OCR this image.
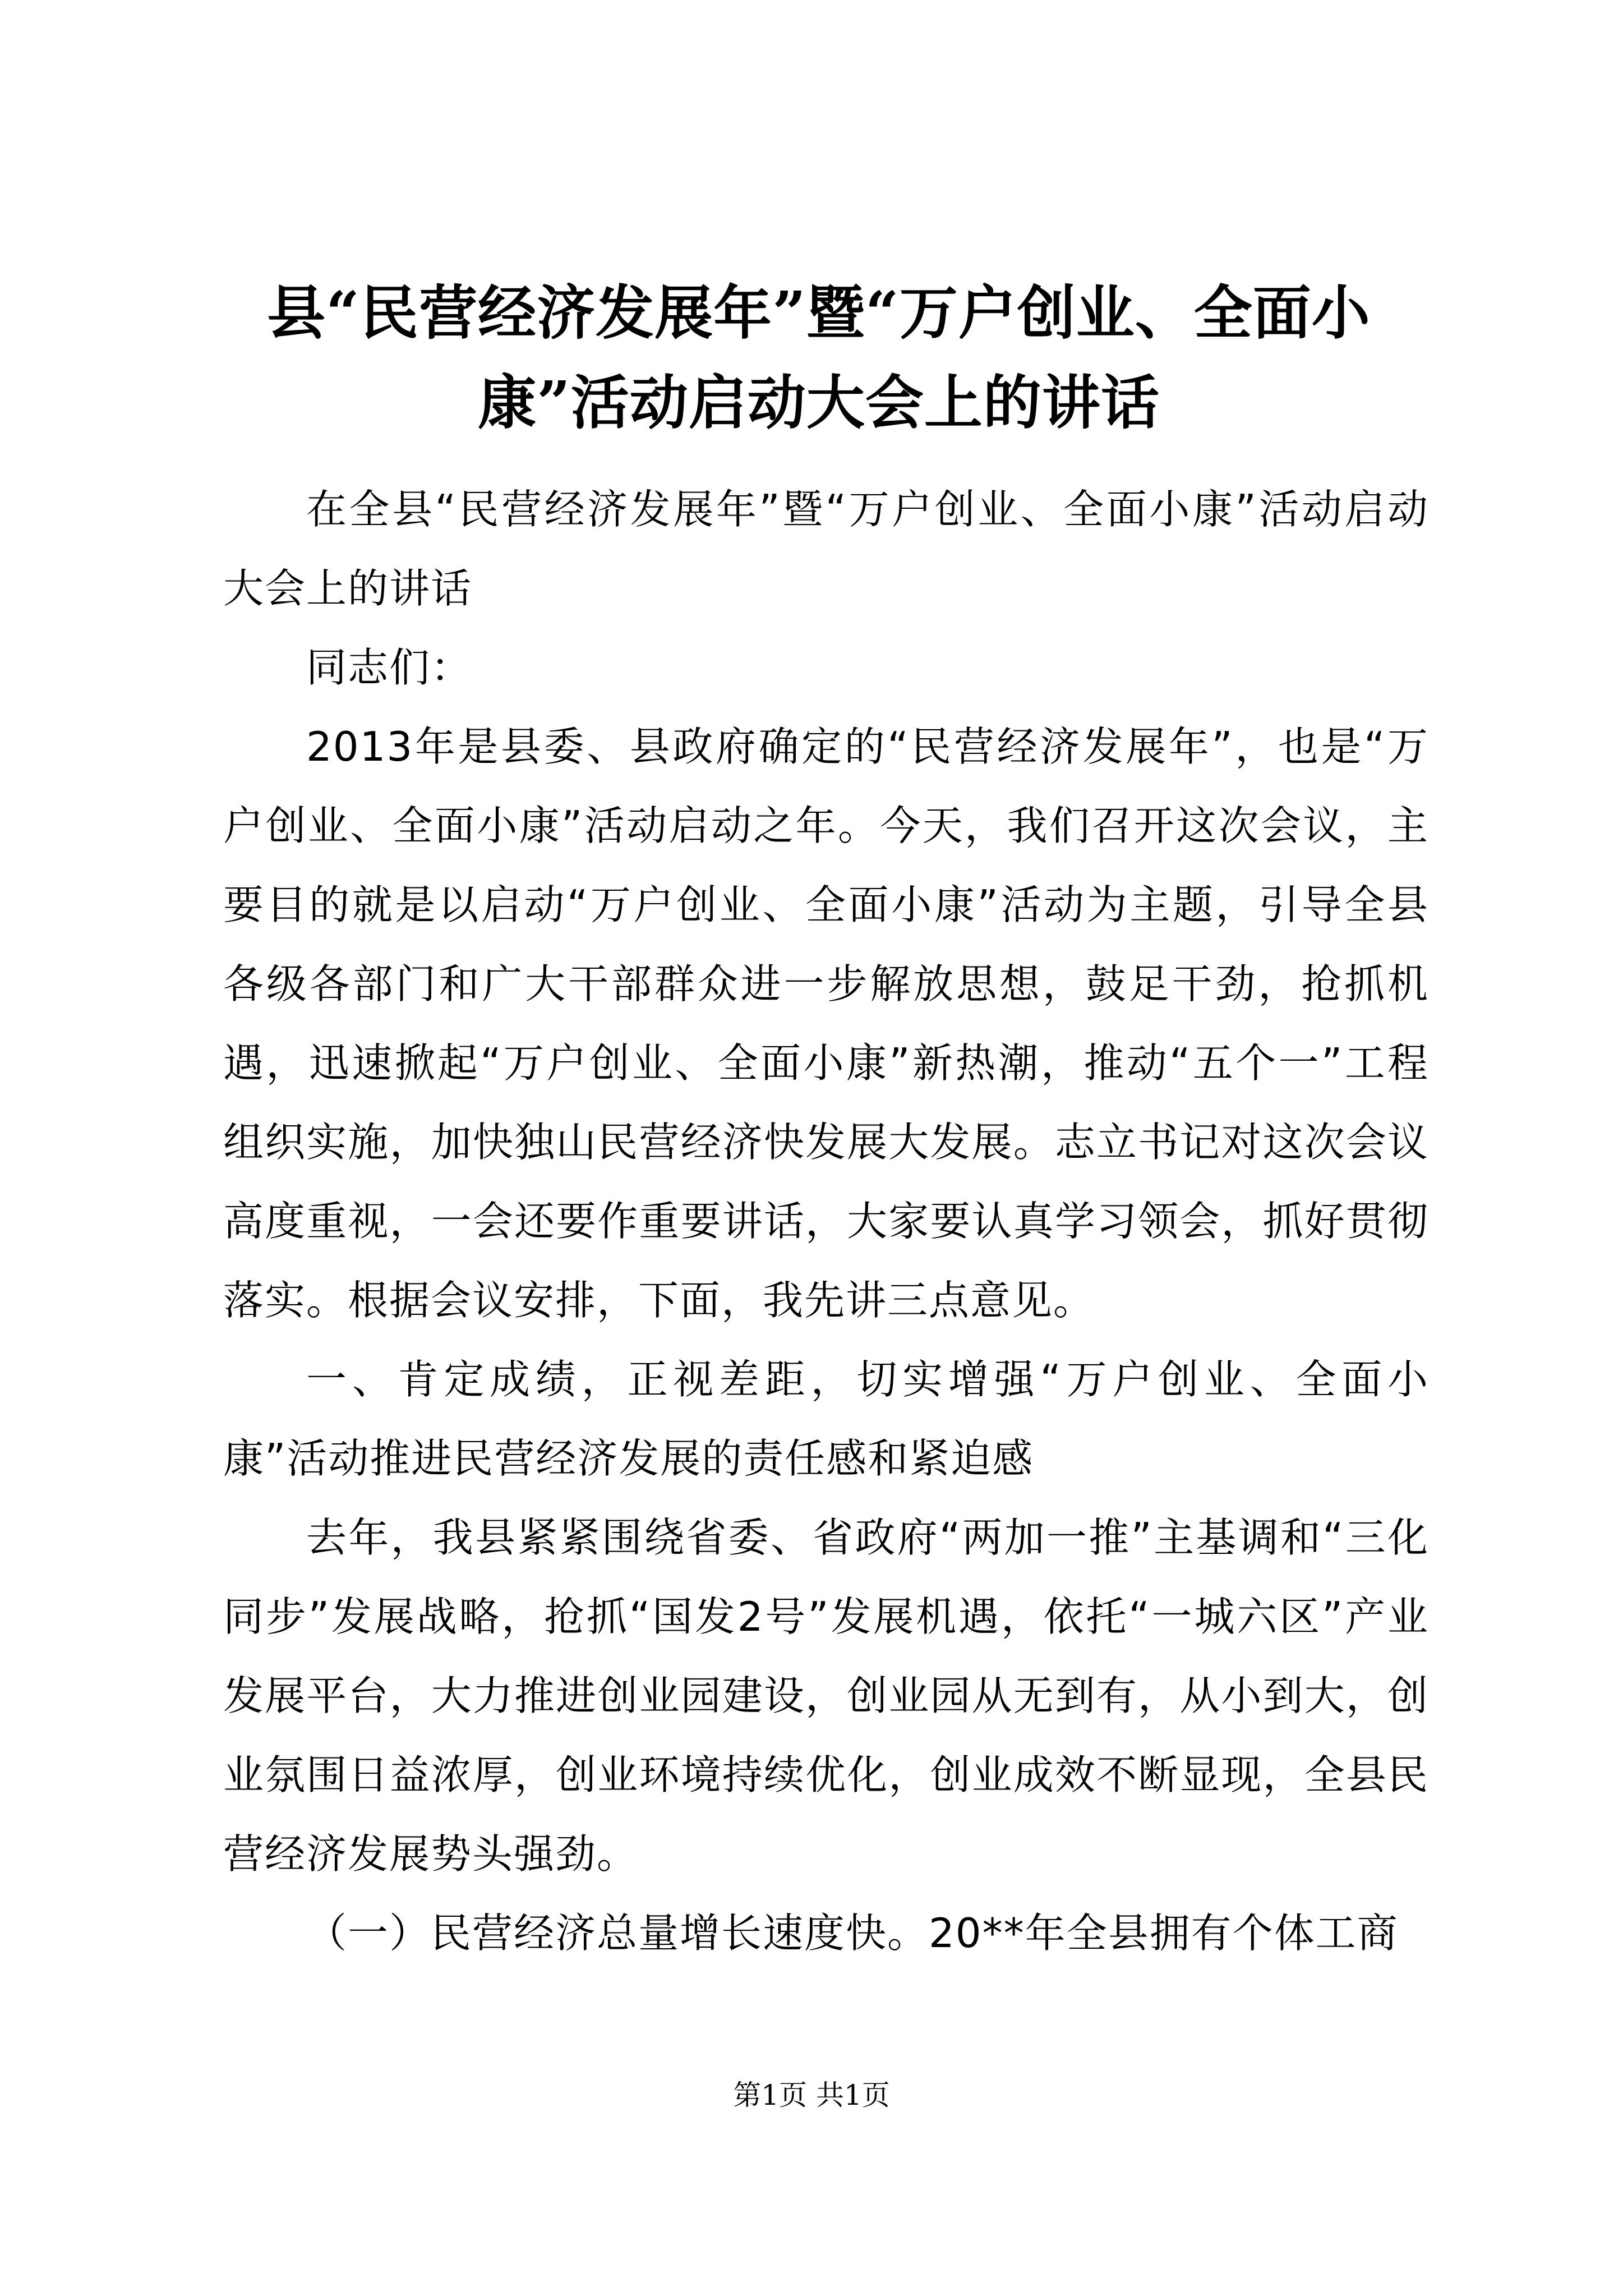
县“民营经济发展年”暨“万户创业、全面小
康”活动启动大会上的讲话

在全县“民营经济发展年”暨“万户创业、全面小康”活动启动大会上的讲话

同志们：

2013年是县委、县政府确定的“民营经济发展年”，也是“万户创业、全面小康”活动启动之年。今天，我们召开这次会议，主要目的就是以启动“万户创业、全面小康”活动为主题，引导全县各级各部门和广大干部群众进一步解放思想，鼓足干劲，抢抓机遇，迅速掀起“万户创业、全面小康”新热潮，推动“五个一”工程组织实施，加快独山民营经济快发展大发展。志立书记对这次会议高度重视，一会还要作重要讲话，大家要认真学习领会，抓好贯彻落实。根据会议安排，下面，我先讲三点意见。

一、肯定成绩，正视差距，切实增强“万户创业、全面小康”活动推进民营经济发展的责任感和紧迫感

去年，我县紧紧围绕省委、省政府“两加一推”主基调和“三化同步”发展战略，抢抓“国发2号”发展机遇，依托“一城六区”产业发展平台，大力推进创业园建设，创业园从无到有，从小到大，创业氛围日益浓厚，创业环境持续优化，创业成效不断显现，全县民营经济发展势头强劲。

（一）民营经济总量增长速度快。20**年全县拥有个体工商

第1页 共1页
